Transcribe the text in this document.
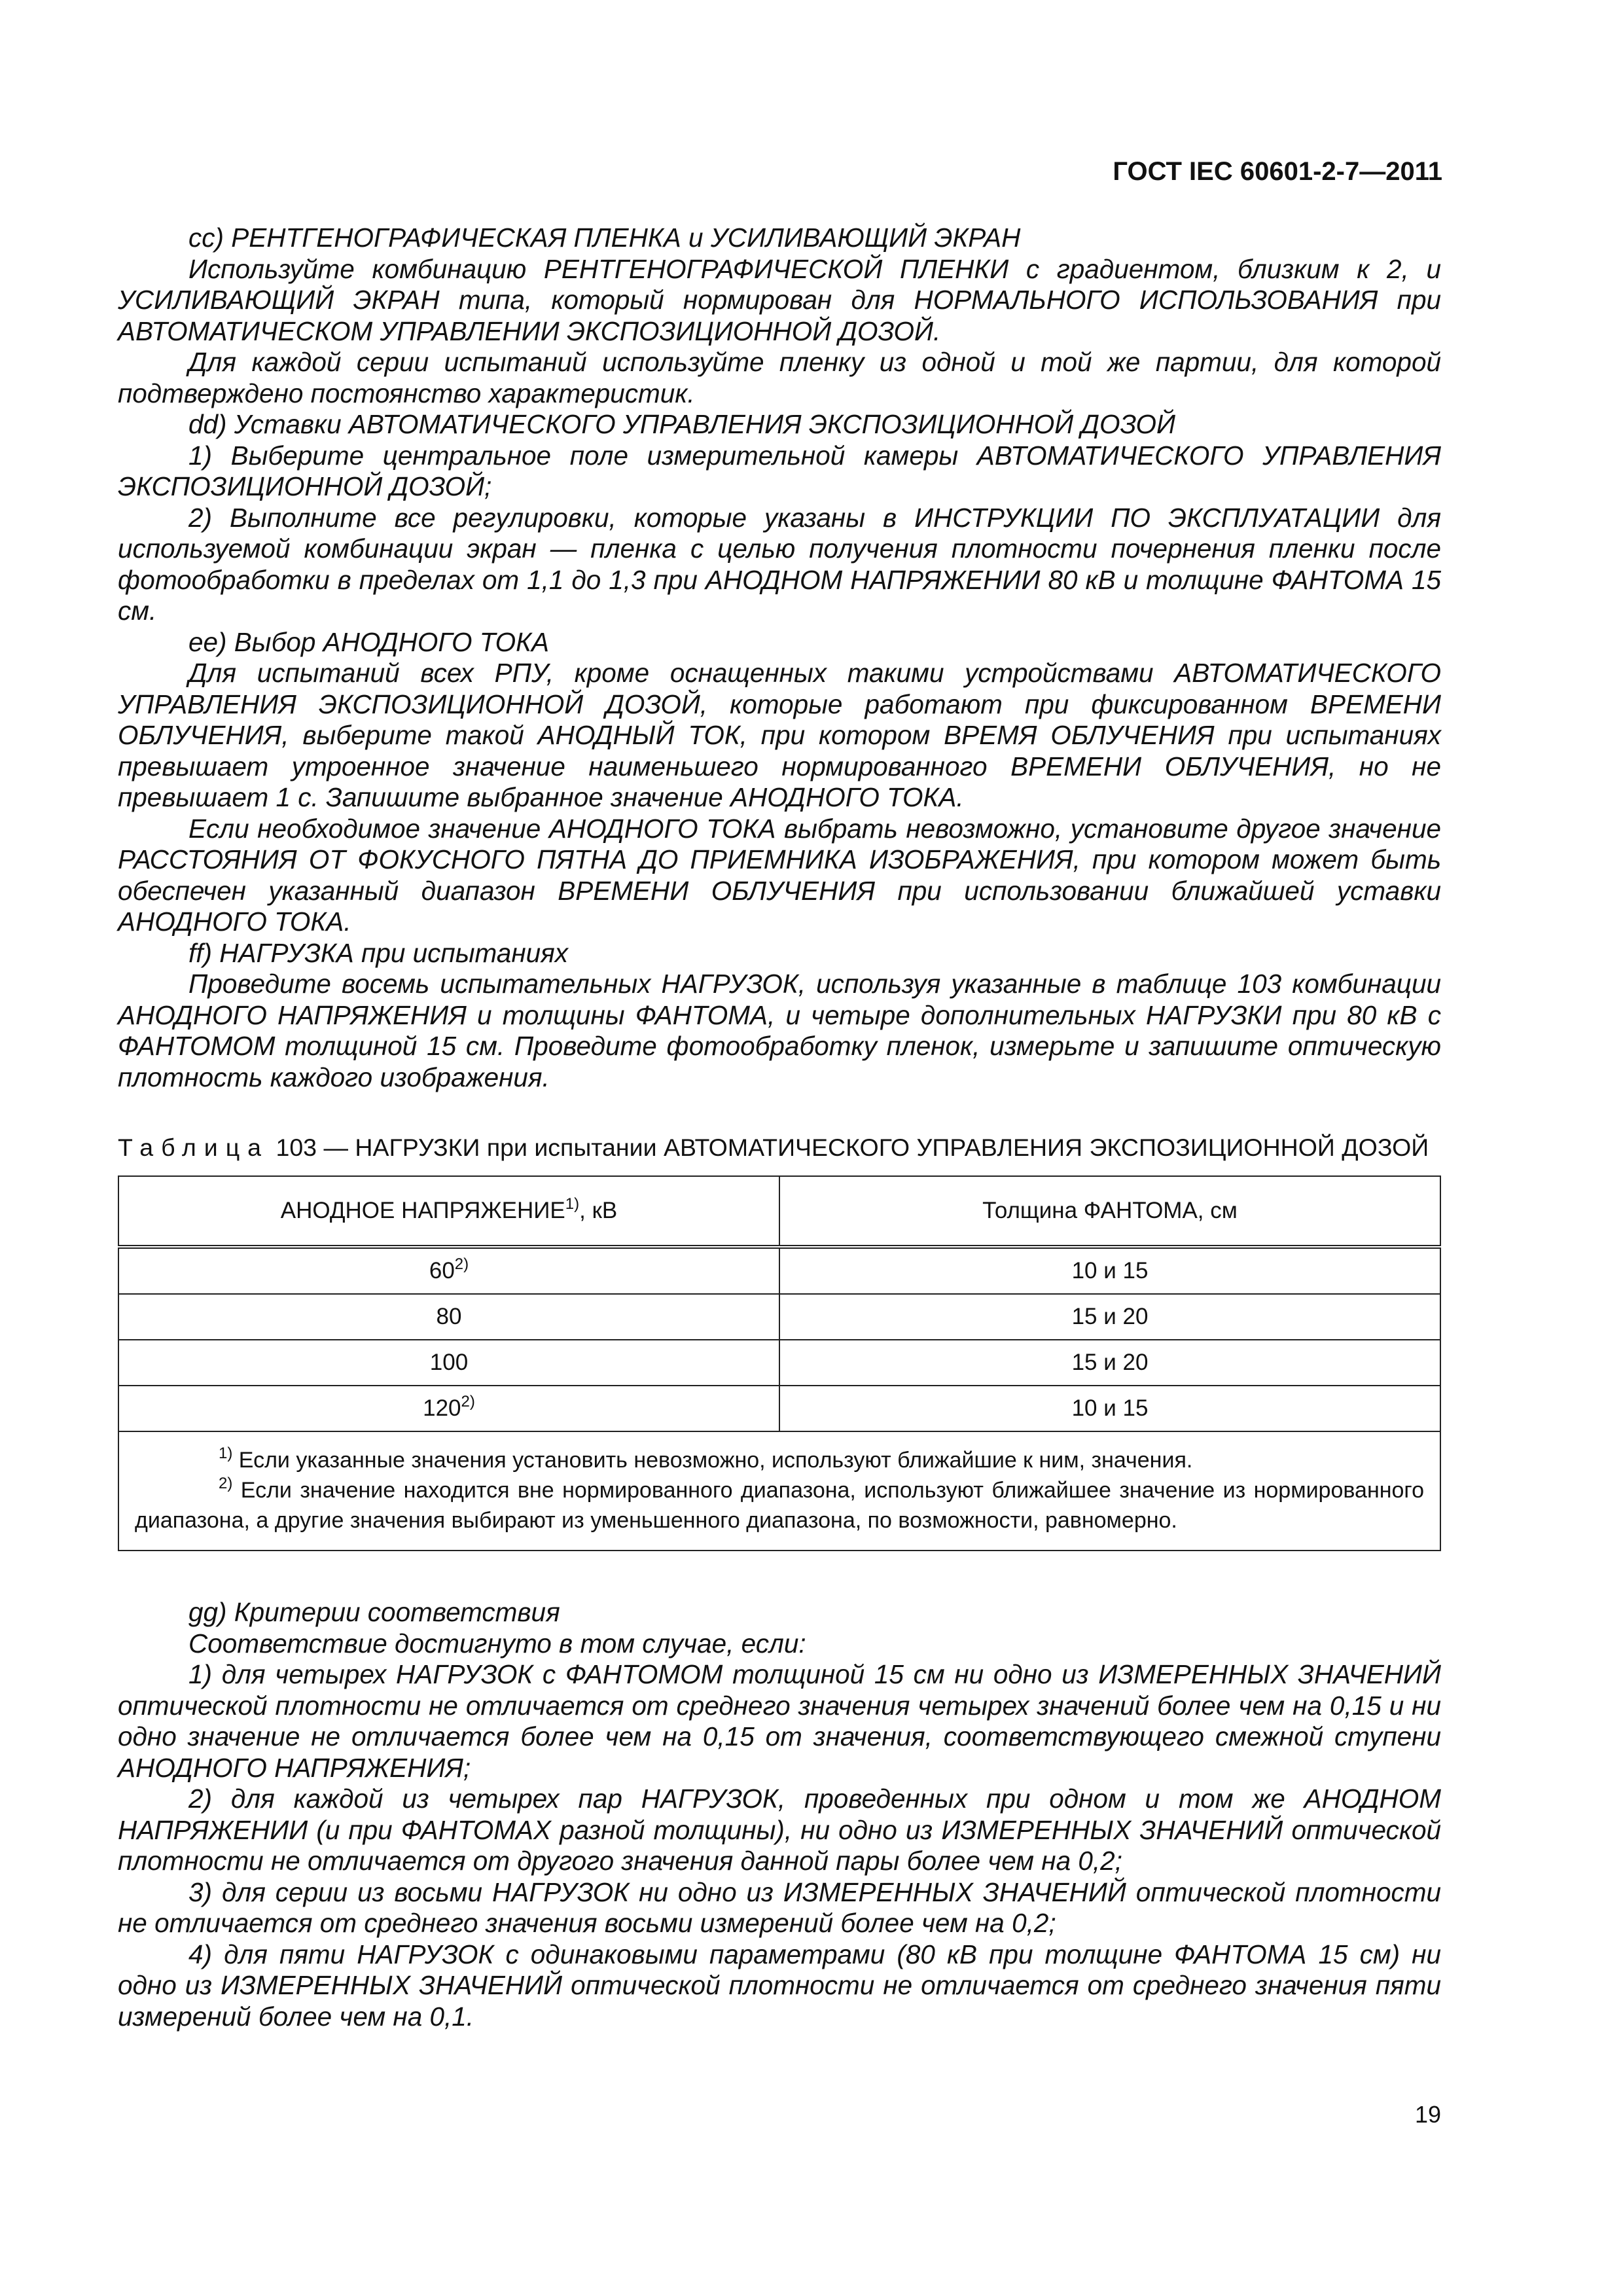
ГОСТ IEC 60601-2-7—2011

cc) РЕНТГЕНОГРАФИЧЕСКАЯ ПЛЕНКА и УСИЛИВАЮЩИЙ ЭКРАН

Используйте комбинацию РЕНТГЕНОГРАФИЧЕСКОЙ ПЛЕНКИ с градиентом, близким к 2, и УСИЛИВАЮЩИЙ ЭКРАН типа, который нормирован для НОРМАЛЬНОГО ИСПОЛЬЗОВАНИЯ при АВТОМАТИЧЕСКОМ УПРАВЛЕНИИ ЭКСПОЗИЦИОННОЙ ДОЗОЙ.

Для каждой серии испытаний используйте пленку из одной и той же партии, для которой подтверждено постоянство характеристик.

dd) Уставки АВТОМАТИЧЕСКОГО УПРАВЛЕНИЯ ЭКСПОЗИЦИОННОЙ ДОЗОЙ

1) Выберите центральное поле измерительной камеры АВТОМАТИЧЕСКОГО УПРАВЛЕНИЯ ЭКСПОЗИЦИОННОЙ ДОЗОЙ;

2) Выполните все регулировки, которые указаны в ИНСТРУКЦИИ ПО ЭКСПЛУАТАЦИИ для используемой комбинации экран — пленка с целью получения плотности почернения пленки после фотообработки в пределах от 1,1 до 1,3 при АНОДНОМ НАПРЯЖЕНИИ 80 кВ и толщине ФАНТОМА 15 см.

ee) Выбор АНОДНОГО ТОКА

Для испытаний всех РПУ, кроме оснащенных такими устройствами АВТОМАТИЧЕСКОГО УПРАВЛЕНИЯ ЭКСПОЗИЦИОННОЙ ДОЗОЙ, которые работают при фиксированном ВРЕМЕНИ ОБЛУЧЕНИЯ, выберите такой АНОДНЫЙ ТОК, при котором ВРЕМЯ ОБЛУЧЕНИЯ при испытаниях превышает утроенное значение наименьшего нормированного ВРЕМЕНИ ОБЛУЧЕНИЯ, но не превышает 1 с. Запишите выбранное значение АНОДНОГО ТОКА.

Если необходимое значение АНОДНОГО ТОКА выбрать невозможно, установите другое значение РАССТОЯНИЯ ОТ ФОКУСНОГО ПЯТНА ДО ПРИЕМНИКА ИЗОБРАЖЕНИЯ, при котором может быть обеспечен указанный диапазон ВРЕМЕНИ ОБЛУЧЕНИЯ при использовании ближайшей уставки АНОДНОГО ТОКА.

ff) НАГРУЗКА при испытаниях

Проведите восемь испытательных НАГРУЗОК, используя указанные в таблице 103 комбинации АНОДНОГО НАПРЯЖЕНИЯ и толщины ФАНТОМА, и четыре дополнительных НАГРУЗКИ при 80 кВ с ФАНТОМОМ толщиной 15 см. Проведите фотообработку пленок, измерьте и запишите оптическую плотность каждого изображения.

Таблица 103 — НАГРУЗКИ при испытании АВТОМАТИЧЕСКОГО УПРАВЛЕНИЯ ЭКСПОЗИЦИОННОЙ ДОЗОЙ
АНОДНОЕ НАПРЯЖЕНИЕ$^{1)}$, кВ	Толщина ФАНТОМА, см
60$^{2)}$	10 и 15
80	15 и 20
100	15 и 20
120$^{2)}$	10 и 15

$^{1)}$ Если указанные значения установить невозможно, используют ближайшие к ним, значения.

$^{2)}$ Если значение находится вне нормированного диапазона, используют ближайшее значение из нормированного диапазона, а другие значения выбирают из уменьшенного диапазона, по возможности, равномерно.	

gg) Критерии соответствия

Соответствие достигнуто в том случае, если:

1) для четырех НАГРУЗОК с ФАНТОМОМ толщиной 15 см ни одно из ИЗМЕРЕННЫХ ЗНАЧЕНИЙ оптической плотности не отличается от среднего значения четырех значений более чем на 0,15 и ни одно значение не отличается более чем на 0,15 от значения, соответствующего смежной ступени АНОДНОГО НАПРЯЖЕНИЯ;

2) для каждой из четырех пар НАГРУЗОК, проведенных при одном и том же АНОДНОМ НАПРЯЖЕНИИ (и при ФАНТОМАХ разной толщины), ни одно из ИЗМЕРЕННЫХ ЗНАЧЕНИЙ оптической плотности не отличается от другого значения данной пары более чем на 0,2;

3) для серии из восьми НАГРУЗОК ни одно из ИЗМЕРЕННЫХ ЗНАЧЕНИЙ оптической плотности не отличается от среднего значения восьми измерений более чем на 0,2;

4) для пяти НАГРУЗОК с одинаковыми параметрами (80 кВ при толщине ФАНТОМА 15 см) ни одно из ИЗМЕРЕННЫХ ЗНАЧЕНИЙ оптической плотности не отличается от среднего значения пяти измерений более чем на 0,1.

19
